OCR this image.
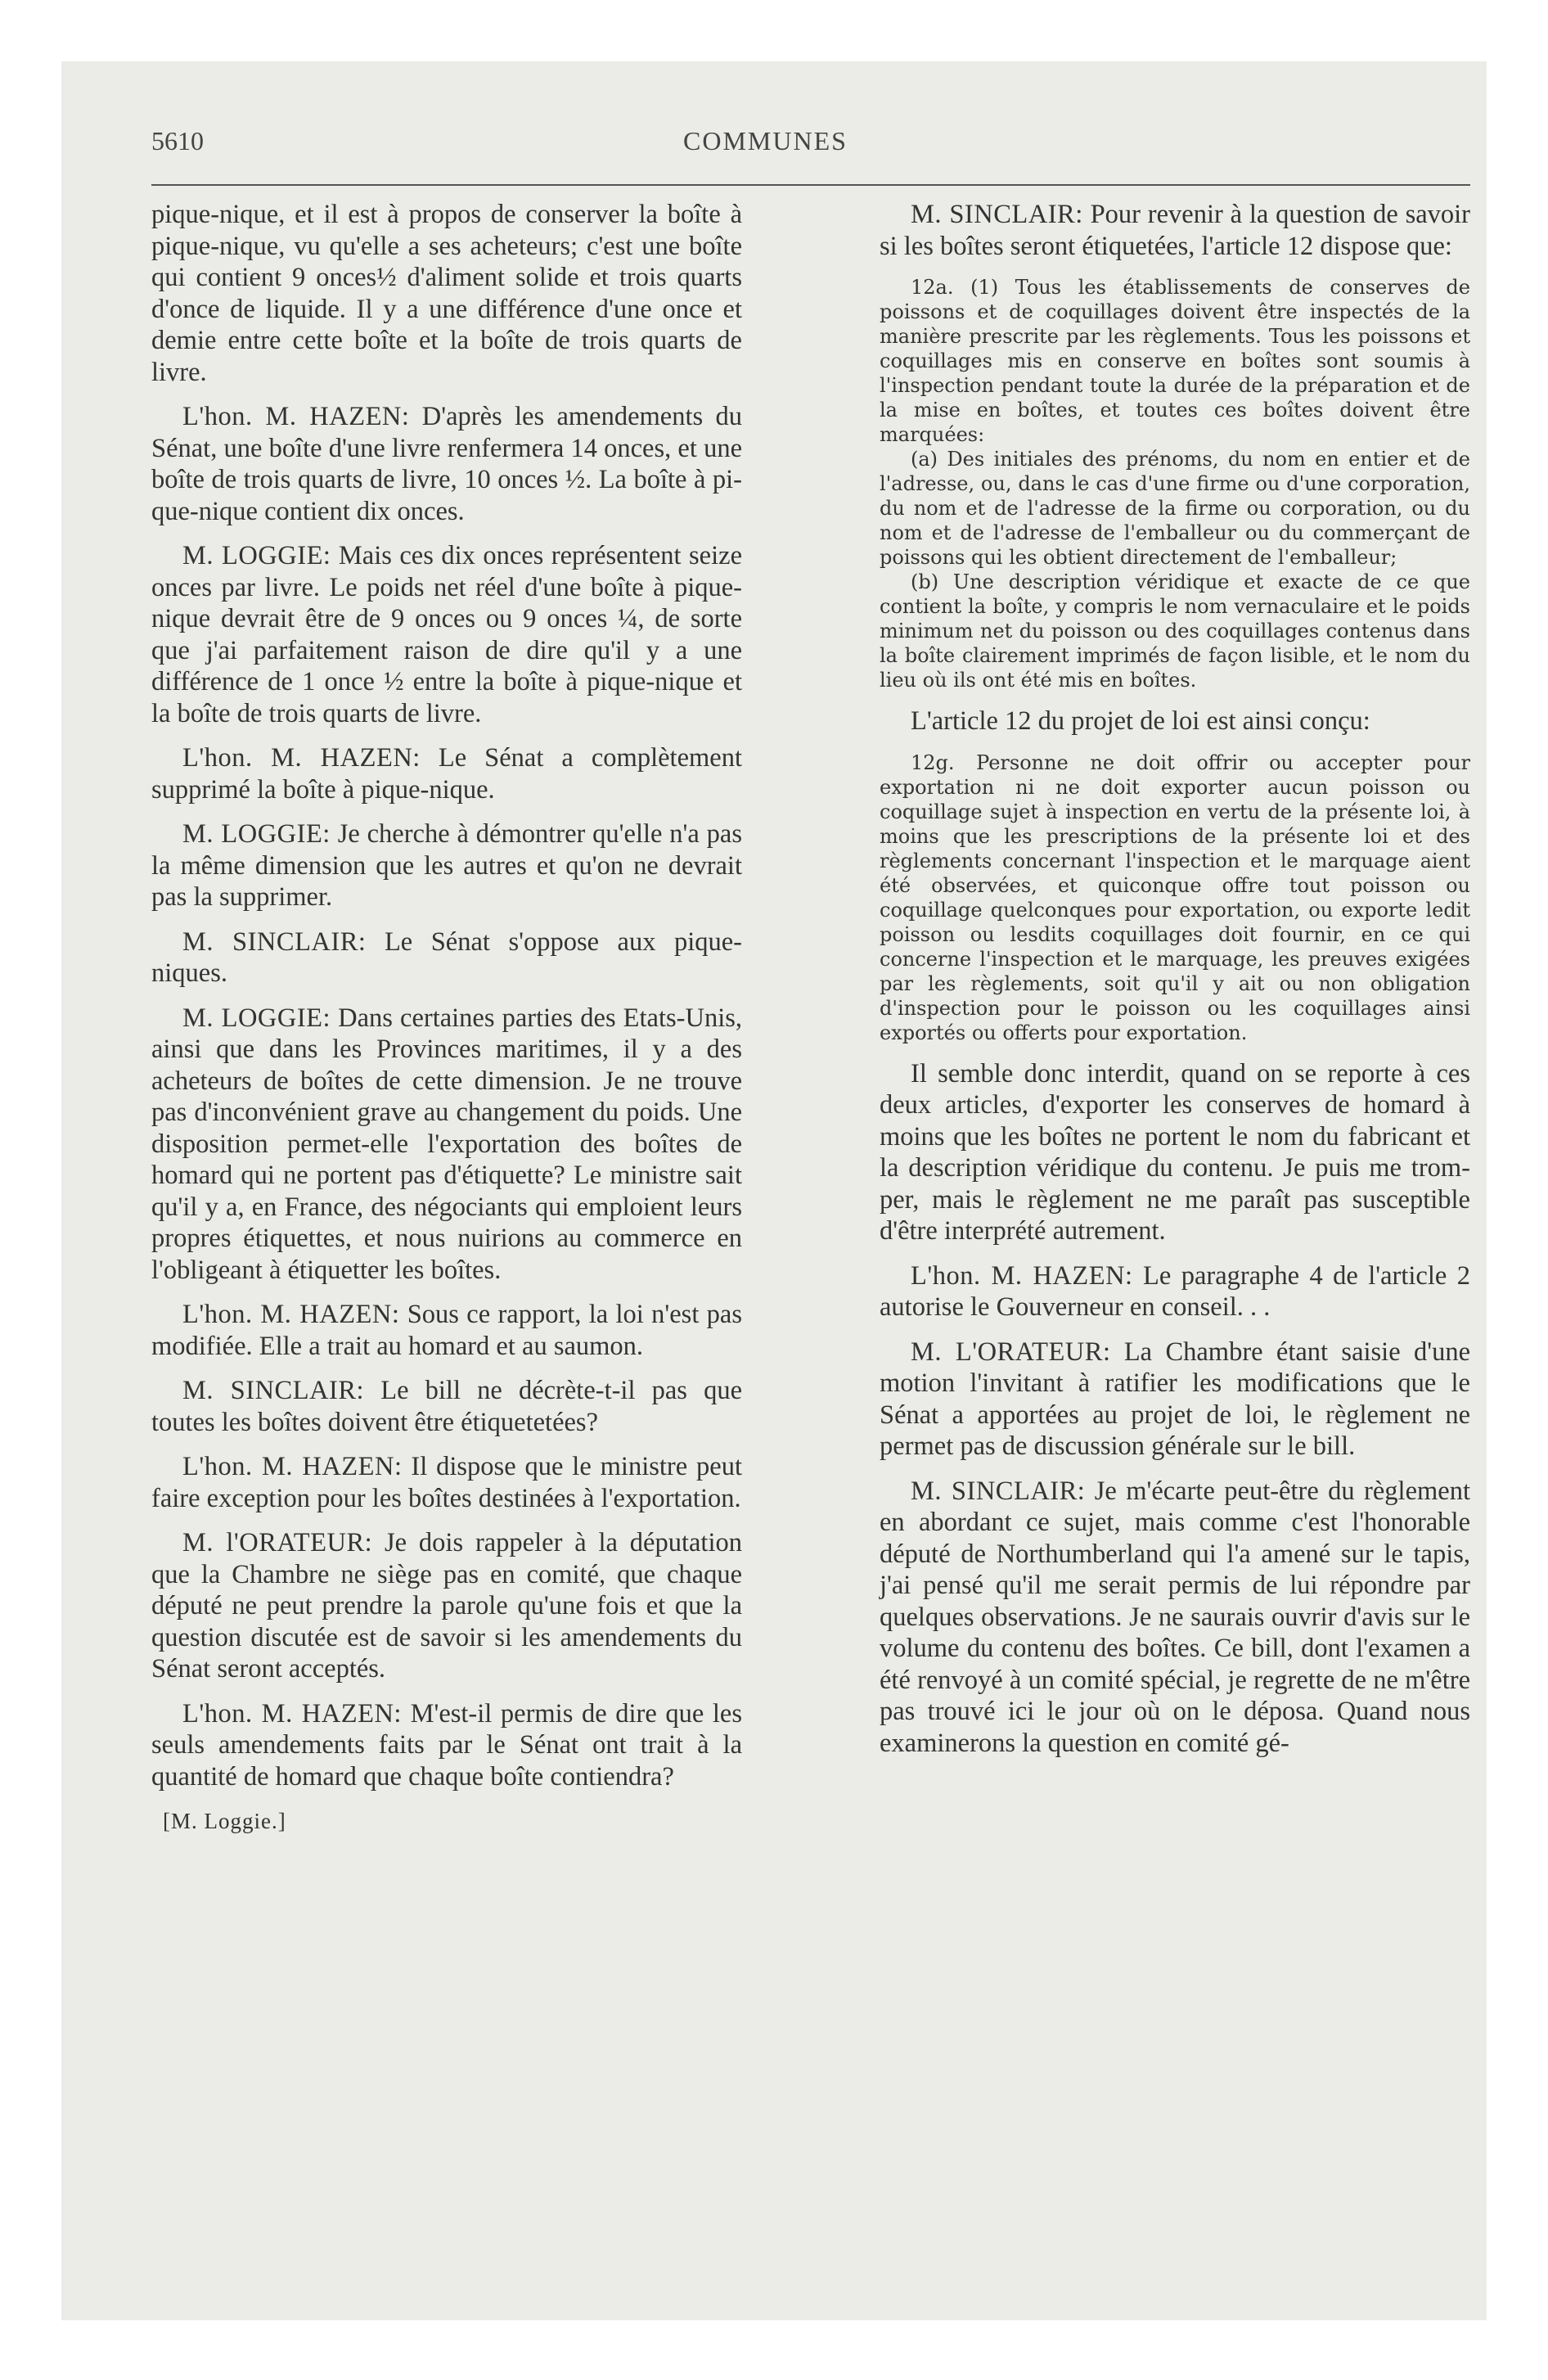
5610	COMMUNES

pique-nique, et il est à propos de conserver la boîte à pique-nique, vu qu'elle a ses acheteurs; c'est une boîte qui contient 9 onces½ d'aliment solide et trois quarts d'once de liquide. Il y a une différence d'une once et demie entre cette boîte et la boîte de trois quarts de livre.

L'hon. M. HAZEN: D'après les amendements du Sénat, une boîte d'une livre renfermera 14 onces, et une boîte de trois quarts de livre, 10 onces ½. La boîte à pique-nique contient dix onces.

M. LOGGIE: Mais ces dix onces représentent seize onces par livre. Le poids net réel d'une boîte à pique-nique devrait être de 9 onces ou 9 onces ¼, de sorte que j'ai parfaitement raison de dire qu'il y a une différence de 1 once ½ entre la boîte à pique-nique et la boîte de trois quarts de livre.

L'hon. M. HAZEN: Le Sénat a complètement supprimé la boîte à pique-nique.

M. LOGGIE: Je cherche à démontrer qu'elle n'a pas la même dimension que les autres et qu'on ne devrait pas la supprimer.

M. SINCLAIR: Le Sénat s'oppose aux pique-niques.

M. LOGGIE: Dans certaines parties des Etats-Unis, ainsi que dans les Provinces maritimes, il y a des acheteurs de boîtes de cette dimension. Je ne trouve pas d'inconvénient grave au changement du poids. Une disposition permet-elle l'exportation des boîtes de homard qui ne portent pas d'étiquette? Le ministre sait qu'il y a, en France, des négociants qui emploient leurs propres étiquettes, et nous nuirions au commerce en l'obligeant à étiquetter les boîtes.

L'hon. M. HAZEN: Sous ce rapport, la loi n'est pas modifiée. Elle a trait au homard et au saumon.

M. SINCLAIR: Le bill ne décrète-t-il pas que toutes les boîtes doivent être étiquetetées?

L'hon. M. HAZEN: Il dispose que le ministre peut faire exception pour les boîtes destinées à l'exportation.

M. l'ORATEUR: Je dois rappeler à la députation que la Chambre ne siège pas en comité, que chaque député ne peut prendre la parole qu'une fois et que la question discutée est de savoir si les amendements du Sénat seront acceptés.

L'hon. M. HAZEN: M'est-il permis de dire que les seuls amendements faits par le Sénat ont trait à la quantité de homard que chaque boîte contiendra?

[M. Loggie.]

M. SINCLAIR: Pour revenir à la question de savoir si les boîtes seront étiquetées, l'article 12 dispose que:

12a. (1) Tous les établissements de conserves de poissons et de coquillages doivent être inspectés de la manière prescrite par les règlements. Tous les poissons et coquillages mis en conserve en boîtes sont soumis à l'inspection pendant toute la durée de la préparation et de la mise en boîtes, et toutes ces boîtes doivent être marquées:

(a) Des initiales des prénoms, du nom en entier et de l'adresse, ou, dans le cas d'une firme ou d'une corporation, du nom et de l'adresse de la firme ou corporation, ou du nom et de l'adresse de l'emballeur ou du commerçant de poissons qui les obtient directement de l'emballeur;

(b) Une description véridique et exacte de ce que contient la boîte, y compris le nom vernaculaire et le poids minimum net du poisson ou des coquillages contenus dans la boîte clairement imprimés de façon lisible, et le nom du lieu où ils ont été mis en boîtes.

L'article 12 du projet de loi est ainsi conçu:

12g. Personne ne doit offrir ou accepter pour exportation ni ne doit exporter aucun poisson ou coquillage sujet à inspection en vertu de la présente loi, à moins que les prescriptions de la présente loi et des règlements concernant l'inspection et le marquage aient été observées, et quiconque offre tout poisson ou coquillage quelconques pour exportation, ou exporte ledit poisson ou lesdits coquillages doit fournir, en ce qui concerne l'inspection et le marquage, les preuves exigées par les règlements, soit qu'il y ait ou non obligation d'inspection pour le poisson ou les coquillages ainsi exportés ou offerts pour exportation.

Il semble donc interdit, quand on se reporte à ces deux articles, d'exporter les conserves de homard à moins que les boîtes ne portent le nom du fabricant et la description véridique du contenu. Je puis me tromper, mais le règlement ne me paraît pas susceptible d'être interprété autrement.

L'hon. M. HAZEN: Le paragraphe 4 de l'article 2 autorise le Gouverneur en conseil. . .

M. L'ORATEUR: La Chambre étant saisie d'une motion l'invitant à ratifier les modifications que le Sénat a apportées au projet de loi, le règlement ne permet pas de discussion générale sur le bill.

M. SINCLAIR: Je m'écarte peut-être du règlement en abordant ce sujet, mais comme c'est l'honorable député de Northumberland qui l'a amené sur le tapis, j'ai pensé qu'il me serait permis de lui répondre par quelques observations. Je ne saurais ouvrir d'avis sur le volume du contenu des boîtes. Ce bill, dont l'examen a été renvoyé à un comité spécial, je regrette de ne m'être pas trouvé ici le jour où on le déposa. Quand nous examinerons la question en comité gé-
